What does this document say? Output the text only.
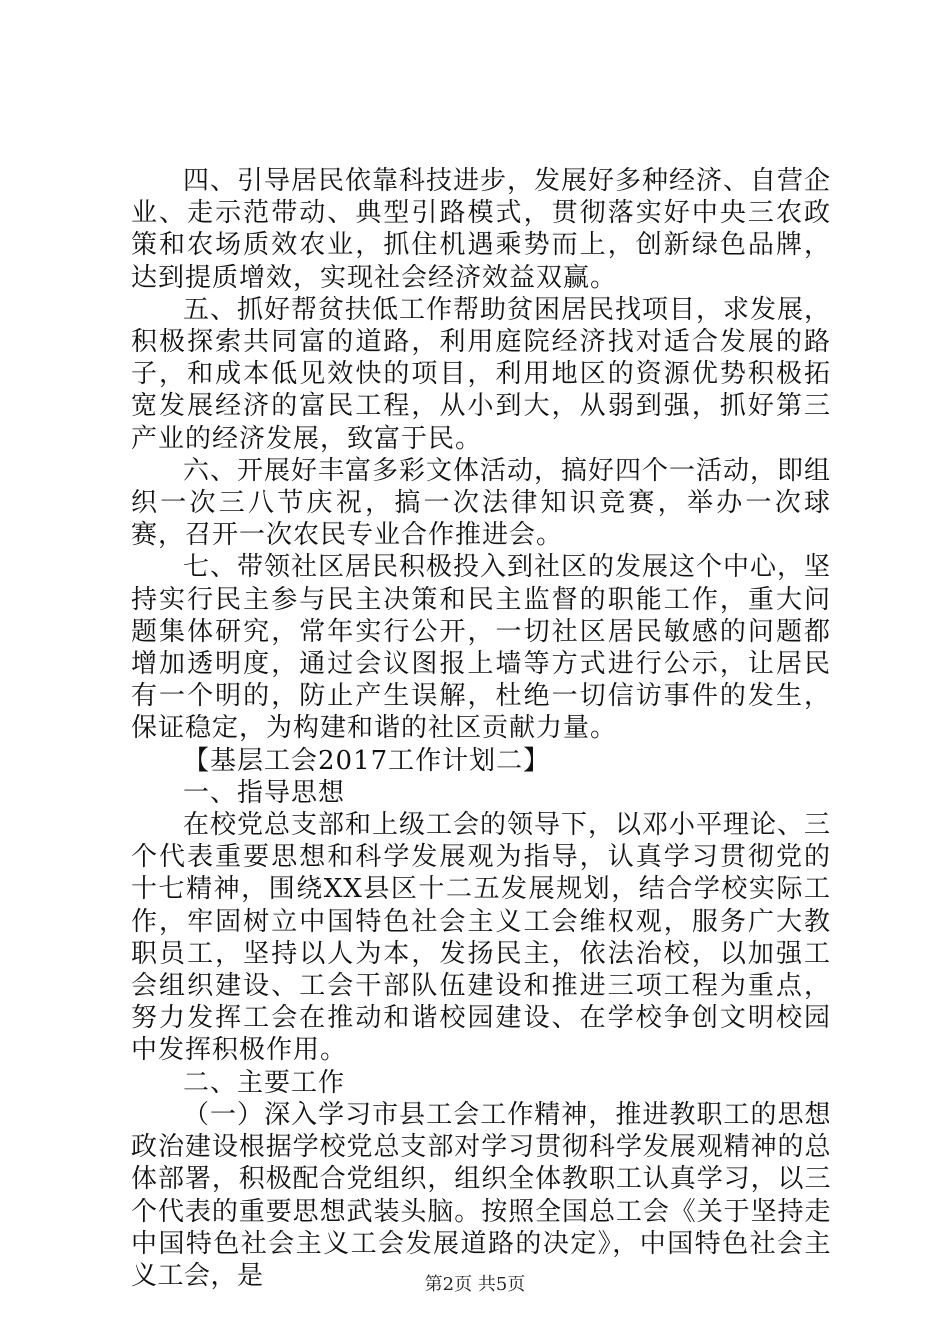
四、引导居民依靠科技进步，发展好多种经济、自营企业、走示范带动、典型引路模式，贯彻落实好中央三农政策和农场质效农业，抓住机遇乘势而上，创新绿色品牌，达到提质增效，实现社会经济效益双赢。

五、抓好帮贫扶低工作帮助贫困居民找项目，求发展，积极探索共同富的道路，利用庭院经济找对适合发展的路子，和成本低见效快的项目，利用地区的资源优势积极拓宽发展经济的富民工程，从小到大，从弱到强，抓好第三产业的经济发展，致富于民。

六、开展好丰富多彩文体活动，搞好四个一活动，即组织一次三八节庆祝，搞一次法律知识竞赛，举办一次球赛，召开一次农民专业合作推进会。

七、带领社区居民积极投入到社区的发展这个中心，坚持实行民主参与民主决策和民主监督的职能工作，重大问题集体研究，常年实行公开，一切社区居民敏感的问题都增加透明度，通过会议图报上墙等方式进行公示，让居民有一个明的，防止产生误解，杜绝一切信访事件的发生，保证稳定，为构建和谐的社区贡献力量。

【基层工会2017工作计划二】

一、指导思想

在校党总支部和上级工会的领导下，以邓小平理论、三个代表重要思想和科学发展观为指导，认真学习贯彻党的十七精神，围绕XX县区十二五发展规划，结合学校实际工作，牢固树立中国特色社会主义工会维权观，服务广大教职员工，坚持以人为本，发扬民主，依法治校，以加强工会组织建设、工会干部队伍建设和推进三项工程为重点，努力发挥工会在推动和谐校园建设、在学校争创文明校园中发挥积极作用。

二、主要工作

（一）深入学习市县工会工作精神，推进教职工的思想政治建设根据学校党总支部对学习贯彻科学发展观精神的总体部署，积极配合党组织，组织全体教职工认真学习，以三个代表的重要思想武装头脑。按照全国总工会《关于坚持走中国特色社会主义工会发展道路的决定》，中国特色社会主义工会，是	第2页 共5页
